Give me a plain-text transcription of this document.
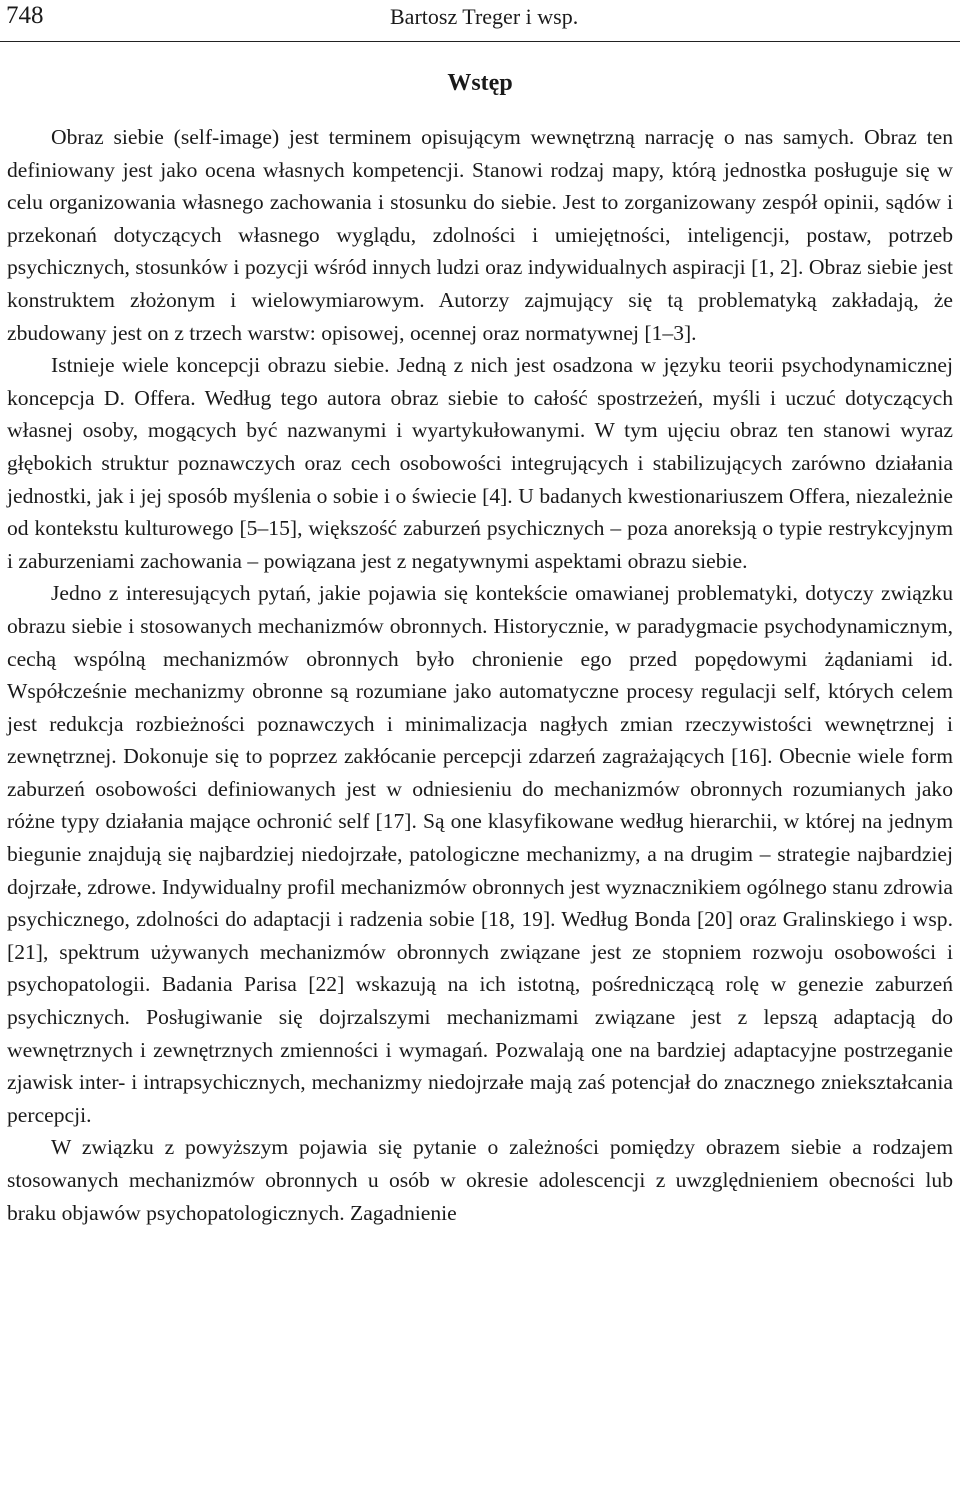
748	Bartosz Treger i wsp.
Wstęp

Obraz siebie (self-image) jest terminem opisującym wewnętrzną narrację o nas samych. Obraz ten definiowany jest jako ocena własnych kompetencji. Stanowi rodzaj mapy, którą jednostka posługuje się w celu organizowania własnego zachowania i stosunku do siebie. Jest to zorganizowany zespół opinii, sądów i przekonań dotyczących własnego wyglądu, zdolności i umiejętności, inteligencji, postaw, potrzeb psychicznych, stosunków i pozycji wśród innych ludzi oraz indywidualnych aspiracji [1, 2]. Obraz siebie jest konstruktem złożonym i wielowymiarowym. Autorzy zajmujący się tą problematyką zakładają, że zbudowany jest on z trzech warstw: opisowej, ocennej oraz normatywnej [1–3].

Istnieje wiele koncepcji obrazu siebie. Jedną z nich jest osadzona w języku teorii psychodynamicznej koncepcja D. Offera. Według tego autora obraz siebie to całość spostrzeżeń, myśli i uczuć dotyczących własnej osoby, mogących być nazwanymi i wyartykułowanymi. W tym ujęciu obraz ten stanowi wyraz głębokich struktur poznawczych oraz cech osobowości integrujących i stabilizujących zarówno działania jednostki, jak i jej sposób myślenia o sobie i o świecie [4]. U badanych kwestionariuszem Offera, niezależnie od kontekstu kulturowego [5–15], większość zaburzeń psychicznych – poza anoreksją o typie restrykcyjnym i zaburzeniami zachowania – powiązana jest z negatywnymi aspektami obrazu siebie.

Jedno z interesujących pytań, jakie pojawia się kontekście omawianej problematyki, dotyczy związku obrazu siebie i stosowanych mechanizmów obronnych. Historycznie, w paradygmacie psychodynamicznym, cechą wspólną mechanizmów obronnych było chronienie ego przed popędowymi żądaniami id. Współcześnie mechanizmy obronne są rozumiane jako automatyczne procesy regulacji self, których celem jest redukcja rozbieżności poznawczych i minimalizacja nagłych zmian rzeczywistości wewnętrznej i zewnętrznej. Dokonuje się to poprzez zakłócanie percepcji zdarzeń zagrażających [16]. Obecnie wiele form zaburzeń osobowości definiowanych jest w odniesieniu do mechanizmów obronnych rozumianych jako różne typy działania mające ochronić self [17]. Są one klasyfikowane według hierarchii, w której na jednym biegunie znajdują się najbardziej niedojrzałe, patologiczne mechanizmy, a na drugim – strategie najbardziej dojrzałe, zdrowe. Indywidualny profil mechanizmów obronnych jest wyznacznikiem ogólnego stanu zdrowia psychicznego, zdolności do adaptacji i radzenia sobie [18, 19]. Według Bonda [20] oraz Gralinskiego i wsp. [21], spektrum używanych mechanizmów obronnych związane jest ze stopniem rozwoju osobowości i psychopatologii. Badania Parisa [22] wskazują na ich istotną, pośredniczącą rolę w genezie zaburzeń psychicznych. Posługiwanie się dojrzalszymi mechanizmami związane jest z lepszą adaptacją do wewnętrznych i zewnętrznych zmienności i wymagań. Pozwalają one na bardziej adaptacyjne postrzeganie zjawisk inter- i intrapsychicznych, mechanizmy niedojrzałe mają zaś potencjał do znacznego zniekształcania percepcji.

W związku z powyższym pojawia się pytanie o zależności pomiędzy obrazem siebie a rodzajem stosowanych mechanizmów obronnych u osób w okresie adolescencji z uwzględnieniem obecności lub braku objawów psychopatologicznych. Zagadnienie
